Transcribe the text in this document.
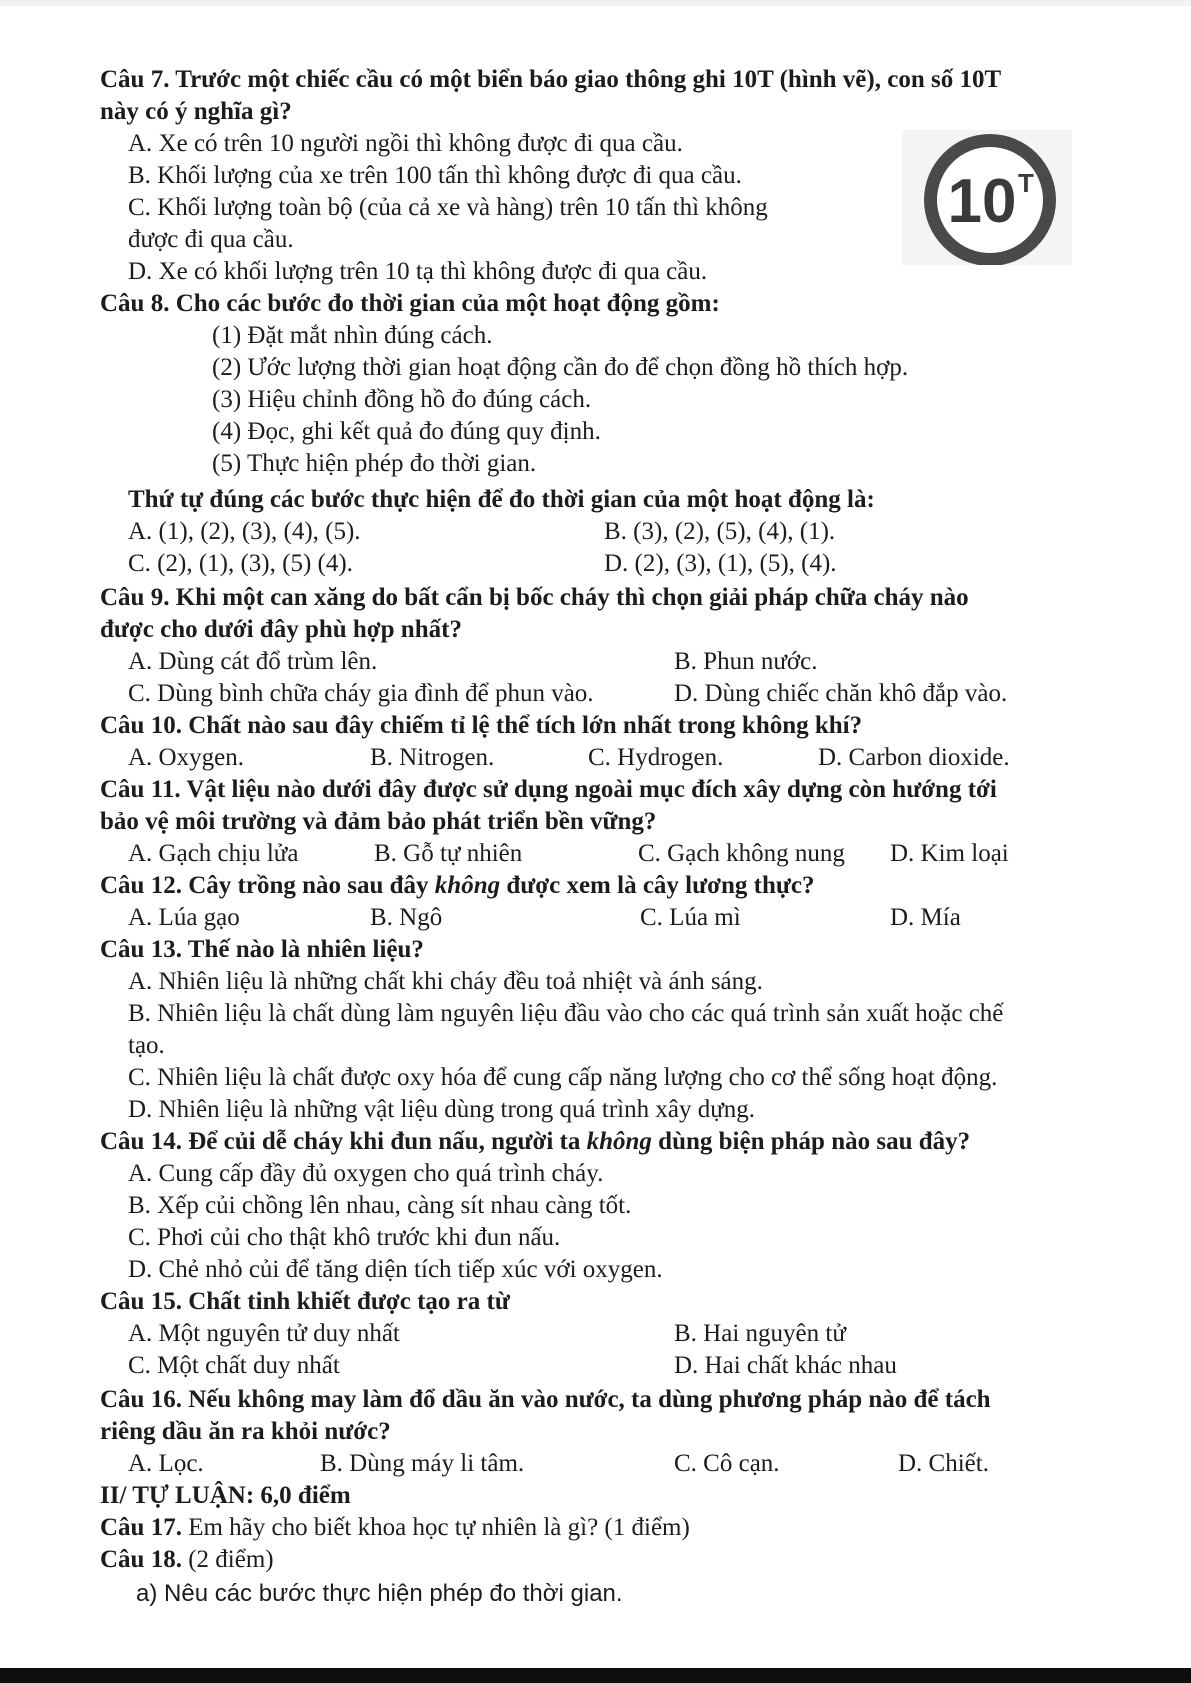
Câu 7. Trước một chiếc cầu có một biển báo giao thông ghi 10T (hình vẽ), con số 10T
này có ý nghĩa gì?
A. Xe có trên 10 người ngồi thì không được đi qua cầu.
B. Khối lượng của xe trên 100 tấn thì không được đi qua cầu.
C. Khối lượng toàn bộ (của cả xe và hàng) trên 10 tấn thì không
được đi qua cầu.
D. Xe có khối lượng trên 10 tạ thì không được đi qua cầu.
10 T
Câu 8. Cho các bước đo thời gian của một hoạt động gồm:
(1) Đặt mắt nhìn đúng cách.
(2) Ước lượng thời gian hoạt động cần đo để chọn đồng hồ thích hợp.
(3) Hiệu chỉnh đồng hồ đo đúng cách.
(4) Đọc, ghi kết quả đo đúng quy định.
(5) Thực hiện phép đo thời gian.
Thứ tự đúng các bước thực hiện để đo thời gian của một hoạt động là:
A. (1), (2), (3), (4), (5).	B. (3), (2), (5), (4), (1).
C. (2), (1), (3), (5) (4).	D. (2), (3), (1), (5), (4).
Câu 9. Khi một can xăng do bất cẩn bị bốc cháy thì chọn giải pháp chữa cháy nào
được cho dưới đây phù hợp nhất?
A. Dùng cát đổ trùm lên.	B. Phun nước.
C. Dùng bình chữa cháy gia đình để phun vào.	D. Dùng chiếc chăn khô đắp vào.
Câu 10. Chất nào sau đây chiếm tỉ lệ thể tích lớn nhất trong không khí?
A. Oxygen.	B. Nitrogen.	C. Hydrogen.	D. Carbon dioxide.
Câu 11. Vật liệu nào dưới đây được sử dụng ngoài mục đích xây dựng còn hướng tới
bảo vệ môi trường và đảm bảo phát triển bền vững?
A. Gạch chịu lửa	B. Gỗ tự nhiên	C. Gạch không nung D. Kim loại
Câu 12. Cây trồng nào sau đây không được xem là cây lương thực?
A. Lúa gạo	B. Ngô	C. Lúa mì	D. Mía
Câu 13. Thế nào là nhiên liệu?
A. Nhiên liệu là những chất khi cháy đều toả nhiệt và ánh sáng.
B. Nhiên liệu là chất dùng làm nguyên liệu đầu vào cho các quá trình sản xuất hoặc chế
tạo.
C. Nhiên liệu là chất được oxy hóa để cung cấp năng lượng cho cơ thể sống hoạt động.
D. Nhiên liệu là những vật liệu dùng trong quá trình xây dựng.
Câu 14. Để củi dễ cháy khi đun nấu, người ta không dùng biện pháp nào sau đây?
A. Cung cấp đầy đủ oxygen cho quá trình cháy.
B. Xếp củi chồng lên nhau, càng sít nhau càng tốt.
C. Phơi củi cho thật khô trước khi đun nấu.
D. Chẻ nhỏ củi để tăng diện tích tiếp xúc với oxygen.
Câu 15. Chất tinh khiết được tạo ra từ
A. Một nguyên tử duy nhất	B. Hai nguyên tử
C. Một chất duy nhất	D. Hai chất khác nhau
Câu 16. Nếu không may làm đổ dầu ăn vào nước, ta dùng phương pháp nào để tách
riêng dầu ăn ra khỏi nước?
A. Lọc.	B. Dùng máy li tâm.	C. Cô cạn.	D. Chiết.
II/ TỰ LUẬN: 6,0 điểm
Câu 17. Em hãy cho biết khoa học tự nhiên là gì? (1 điểm)
Câu 18. (2 điểm)
a) Nêu các bước thực hiện phép đo thời gian.
